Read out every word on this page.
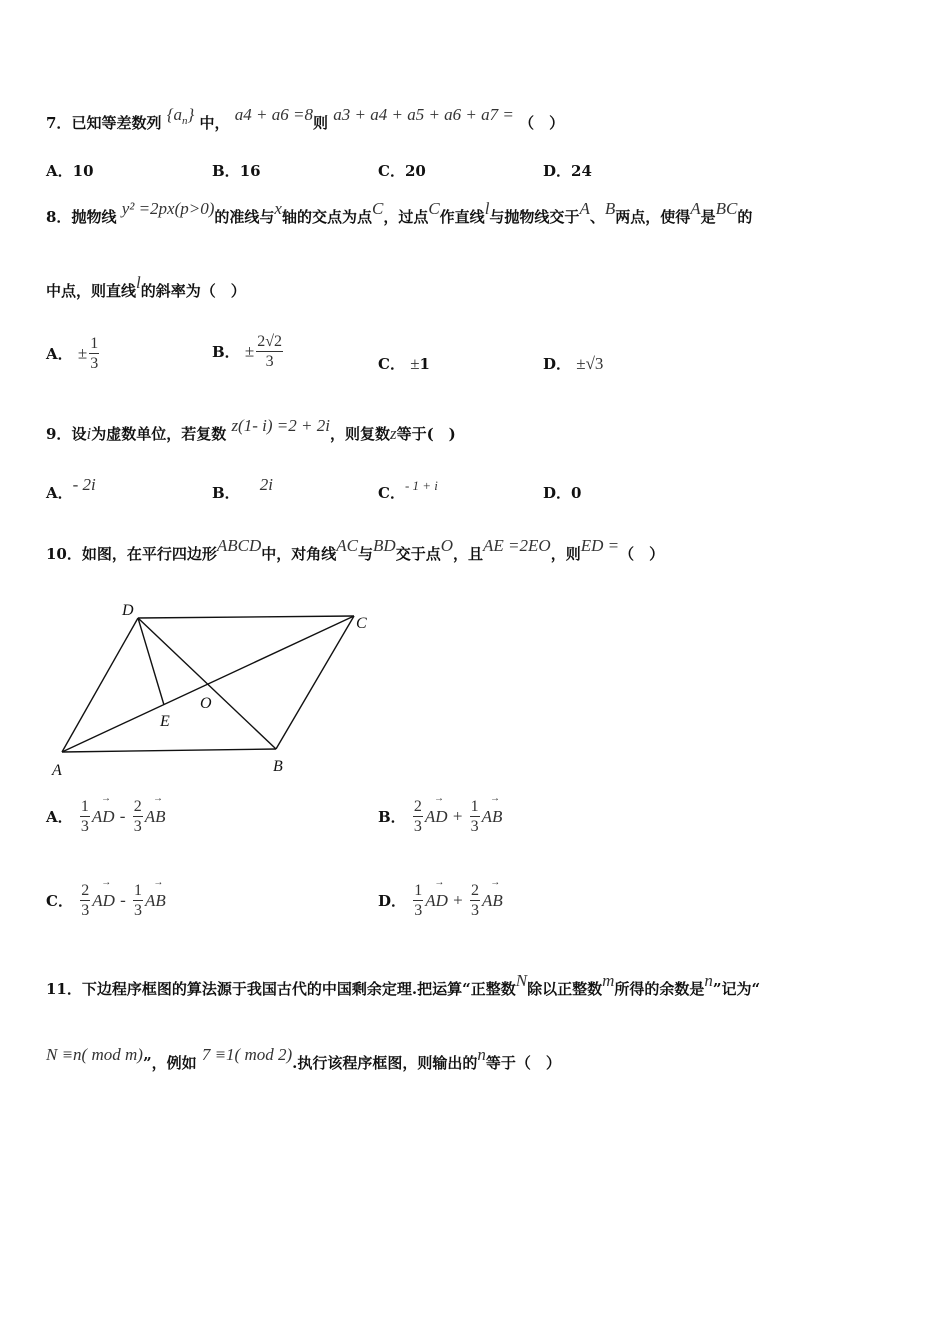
7．已知等差数列 $\{a_n\}$ 中， a4 + a6 =8则 a3 + a4 + a5 + a6 + a7 = （　）
A．10	B．16	C．20	D．24
8．抛物线 y² =2px(p>0)的准线与x轴的交点为点C，过点C作直线l与抛物线交于A、B两点，使得A是BC的
中点，则直线l的斜率为（　）
A． ± $\frac{1}{3}$	B． ± $\frac{2√2}{3}$	C． ±1	D． ±√3
9．设i为虚数单位，若复数 z(1- i) =2 + 2i，则复数z等于(　)
A．- 2i	B． 2i	C．- 1 + i	D．0
10．如图，在平行四边形ABCD中，对角线AC与BD交于点O，且AE =2EO，则ED =（　）
D
C
O
E
A	B
A． $\frac{1}{3}$ → AD - $\frac{2}{3}$ → AB	B． $\frac{2}{3}$ → AD + $\frac{1}{3}$ → AB
C． $\frac{2}{3}$ → AD - $\frac{1}{3}$ → AB	D． $\frac{1}{3}$ → AD + $\frac{2}{3}$ → AB
11．下边程序框图的算法源于我国古代的中国剩余定理.把运算“正整数N除以正整数m所得的余数是n”记为“
N ≡n( mod m)”，例如 7 ≡1( mod 2).执行该程序框图，则输出的n等于（　）
